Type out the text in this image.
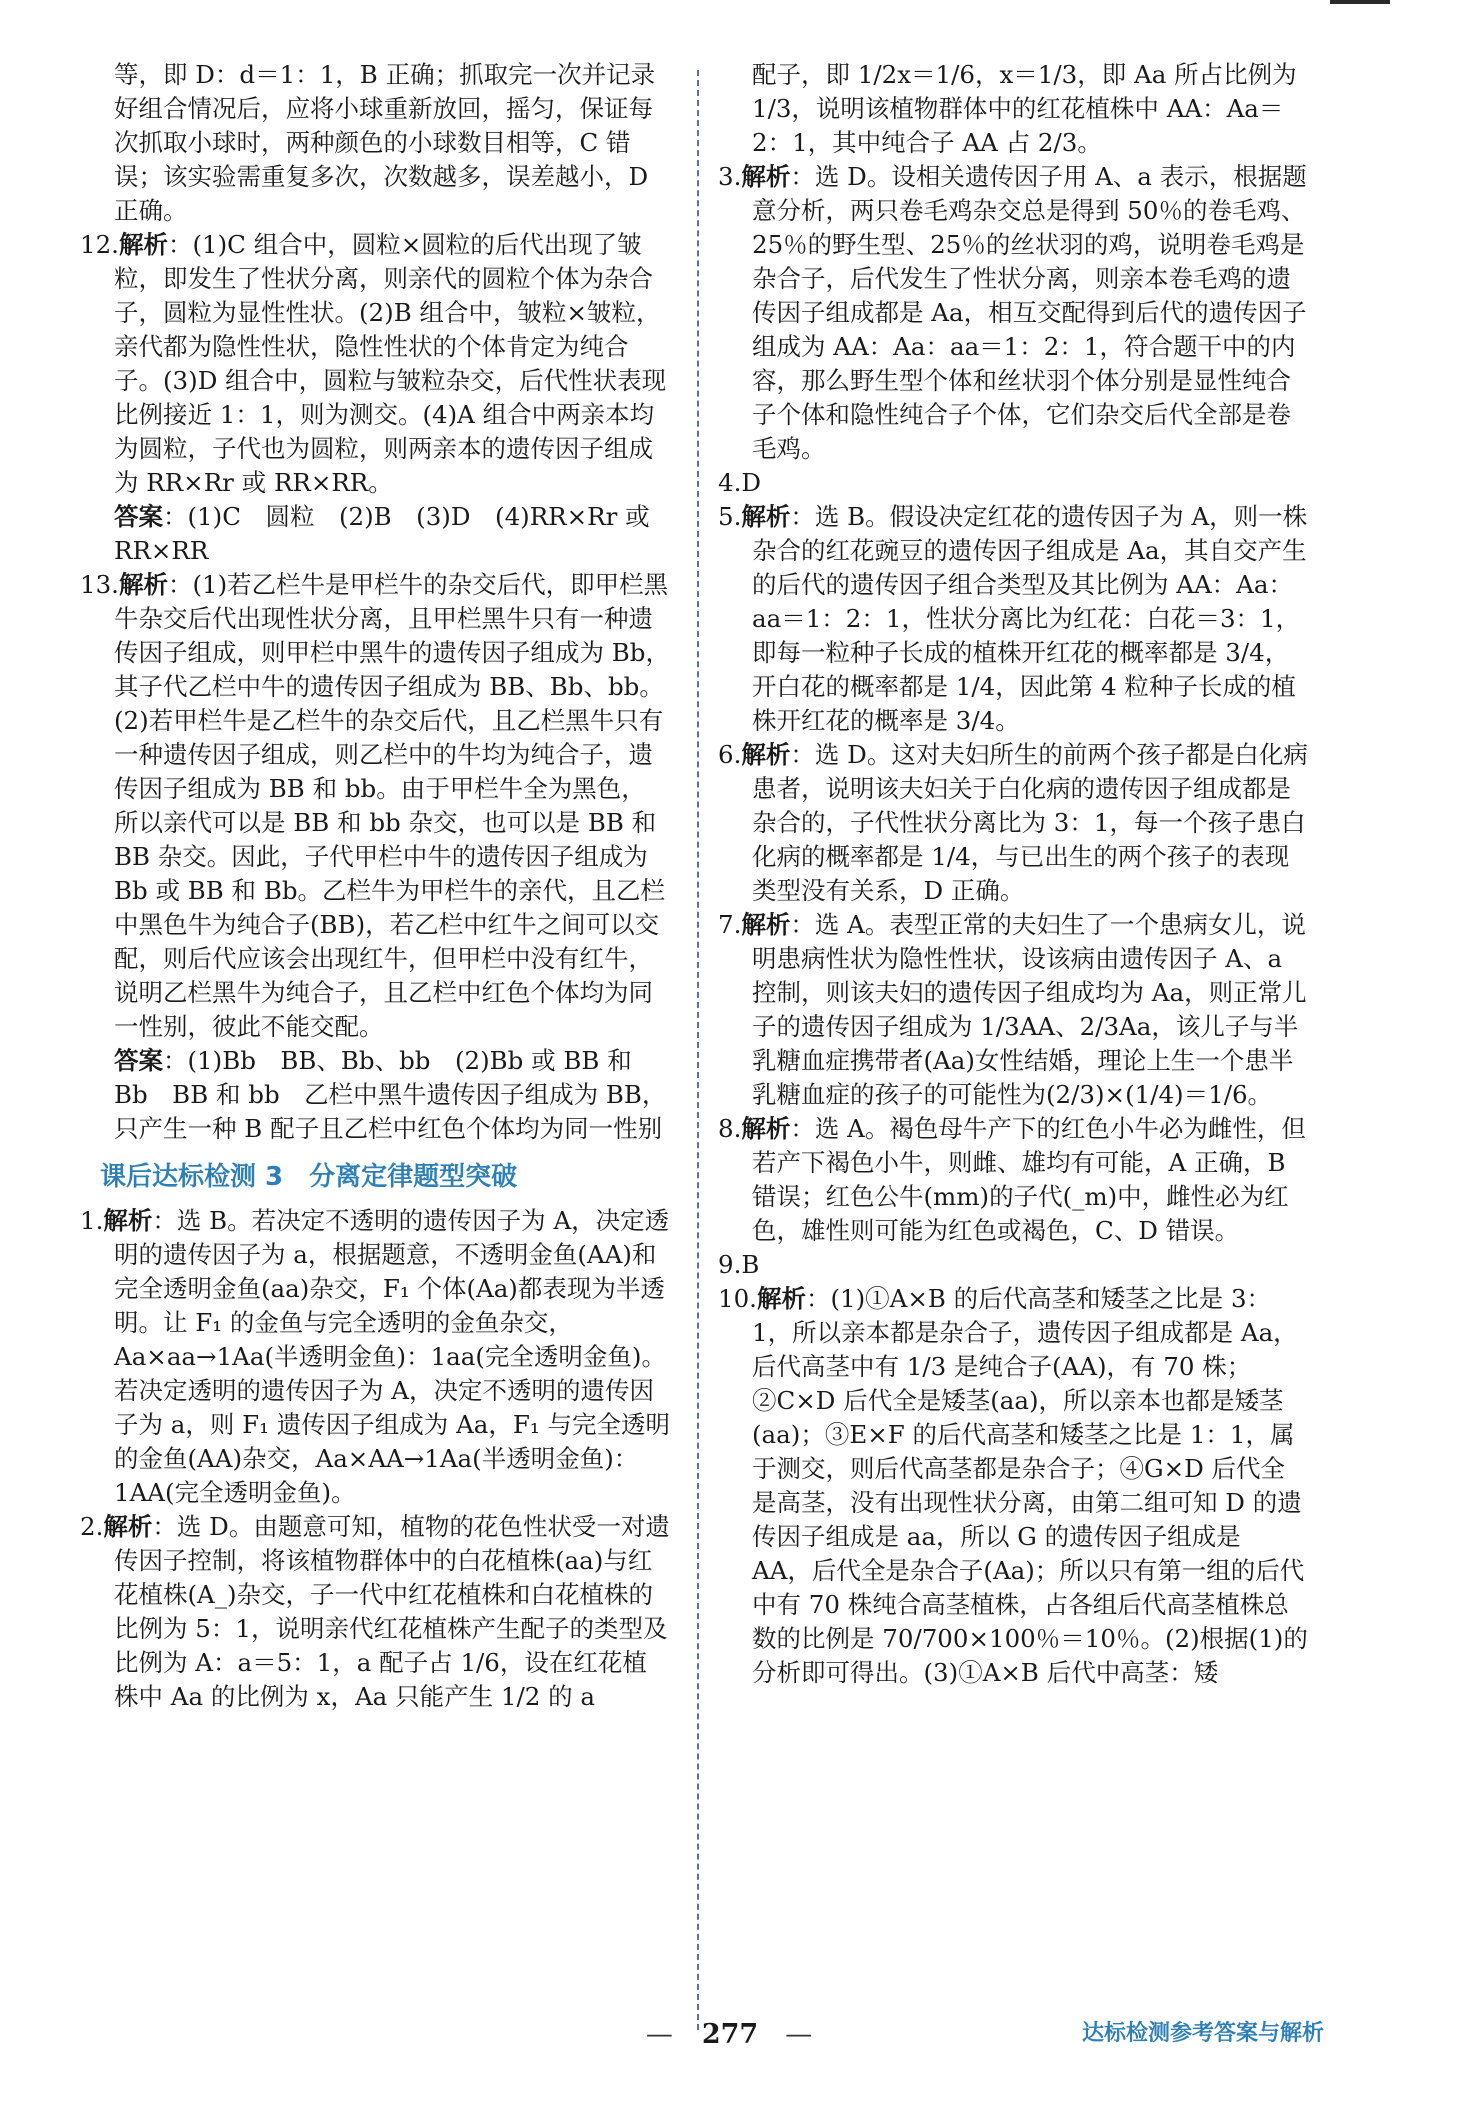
等，即 D：d＝1：1，B 正确；抓取完一次并记录好组合情况后，应将小球重新放回，摇匀，保证每次抓取小球时，两种颜色的小球数目相等，C 错误；该实验需重复多次，次数越多，误差越小，D 正确。

12.解析：(1)C 组合中，圆粒×圆粒的后代出现了皱粒，即发生了性状分离，则亲代的圆粒个体为杂合子，圆粒为显性性状。(2)B 组合中，皱粒×皱粒，亲代都为隐性性状，隐性性状的个体肯定为纯合子。(3)D 组合中，圆粒与皱粒杂交，后代性状表现比例接近 1：1，则为测交。(4)A 组合中两亲本均为圆粒，子代也为圆粒，则两亲本的遗传因子组成为 RR×Rr 或 RR×RR。

答案：(1)C　圆粒　(2)B　(3)D　(4)RR×Rr 或 RR×RR

13.解析：(1)若乙栏牛是甲栏牛的杂交后代，即甲栏黑牛杂交后代出现性状分离，且甲栏黑牛只有一种遗传因子组成，则甲栏中黑牛的遗传因子组成为 Bb，其子代乙栏中牛的遗传因子组成为 BB、Bb、bb。(2)若甲栏牛是乙栏牛的杂交后代，且乙栏黑牛只有一种遗传因子组成，则乙栏中的牛均为纯合子，遗传因子组成为 BB 和 bb。由于甲栏牛全为黑色，所以亲代可以是 BB 和 bb 杂交，也可以是 BB 和 BB 杂交。因此，子代甲栏中牛的遗传因子组成为 Bb 或 BB 和 Bb。乙栏牛为甲栏牛的亲代，且乙栏中黑色牛为纯合子(BB)，若乙栏中红牛之间可以交配，则后代应该会出现红牛，但甲栏中没有红牛，说明乙栏黑牛为纯合子，且乙栏中红色个体均为同一性别，彼此不能交配。

答案：(1)Bb　BB、Bb、bb　(2)Bb 或 BB 和 Bb　BB 和 bb　乙栏中黑牛遗传因子组成为 BB，只产生一种 B 配子且乙栏中红色个体均为同一性别

课后达标检测 3 分离定律题型突破

1.解析：选 B。若决定不透明的遗传因子为 A，决定透明的遗传因子为 a，根据题意，不透明金鱼(AA)和完全透明金鱼(aa)杂交，F₁ 个体(Aa)都表现为半透明。让 F₁ 的金鱼与完全透明的金鱼杂交，Aa×aa→1Aa(半透明金鱼)：1aa(完全透明金鱼)。若决定透明的遗传因子为 A，决定不透明的遗传因子为 a，则 F₁ 遗传因子组成为 Aa，F₁ 与完全透明的金鱼(AA)杂交，Aa×AA→1Aa(半透明金鱼)：1AA(完全透明金鱼)。

2.解析：选 D。由题意可知，植物的花色性状受一对遗传因子控制，将该植物群体中的白花植株(aa)与红花植株(A_)杂交，子一代中红花植株和白花植株的比例为 5：1，说明亲代红花植株产生配子的类型及比例为 A：a＝5：1，a 配子占 1/6，设在红花植株中 Aa 的比例为 x，Aa 只能产生 1/2 的 a

配子，即 1/2x＝1/6，x＝1/3，即 Aa 所占比例为 1/3，说明该植物群体中的红花植株中 AA：Aa＝2：1，其中纯合子 AA 占 2/3。

3.解析：选 D。设相关遗传因子用 A、a 表示，根据题意分析，两只卷毛鸡杂交总是得到 50％的卷毛鸡、25％的野生型、25％的丝状羽的鸡，说明卷毛鸡是杂合子，后代发生了性状分离，则亲本卷毛鸡的遗传因子组成都是 Aa，相互交配得到后代的遗传因子组成为 AA：Aa：aa＝1：2：1，符合题干中的内容，那么野生型个体和丝状羽个体分别是显性纯合子个体和隐性纯合子个体，它们杂交后代全部是卷毛鸡。

4.D

5.解析：选 B。假设决定红花的遗传因子为 A，则一株杂合的红花豌豆的遗传因子组成是 Aa，其自交产生的后代的遗传因子组合类型及其比例为 AA：Aa：aa＝1：2：1，性状分离比为红花：白花＝3：1，即每一粒种子长成的植株开红花的概率都是 3/4，开白花的概率都是 1/4，因此第 4 粒种子长成的植株开红花的概率是 3/4。

6.解析：选 D。这对夫妇所生的前两个孩子都是白化病患者，说明该夫妇关于白化病的遗传因子组成都是杂合的，子代性状分离比为 3：1，每一个孩子患白化病的概率都是 1/4，与已出生的两个孩子的表现类型没有关系，D 正确。

7.解析：选 A。表型正常的夫妇生了一个患病女儿，说明患病性状为隐性性状，设该病由遗传因子 A、a 控制，则该夫妇的遗传因子组成均为 Aa，则正常儿子的遗传因子组成为 1/3AA、2/3Aa，该儿子与半乳糖血症携带者(Aa)女性结婚，理论上生一个患半乳糖血症的孩子的可能性为(2/3)×(1/4)＝1/6。

8.解析：选 A。褐色母牛产下的红色小牛必为雌性，但若产下褐色小牛，则雌、雄均有可能，A 正确，B 错误；红色公牛(mm)的子代(_m)中，雌性必为红色，雄性则可能为红色或褐色，C、D 错误。

9.B

10.解析：(1)①A×B 的后代高茎和矮茎之比是 3：1，所以亲本都是杂合子，遗传因子组成都是 Aa，后代高茎中有 1/3 是纯合子(AA)，有 70 株；②C×D 后代全是矮茎(aa)，所以亲本也都是矮茎(aa)；③E×F 的后代高茎和矮茎之比是 1：1，属于测交，则后代高茎都是杂合子；④G×D 后代全是高茎，没有出现性状分离，由第二组可知 D 的遗传因子组成是 aa，所以 G 的遗传因子组成是 AA，后代全是杂合子(Aa)；所以只有第一组的后代中有 70 株纯合高茎植株，占各组后代高茎植株总数的比例是 70/700×100％＝10％。(2)根据(1)的分析即可得出。(3)①A×B 后代中高茎：矮

—　 277　 —	达标检测参考答案与解析
